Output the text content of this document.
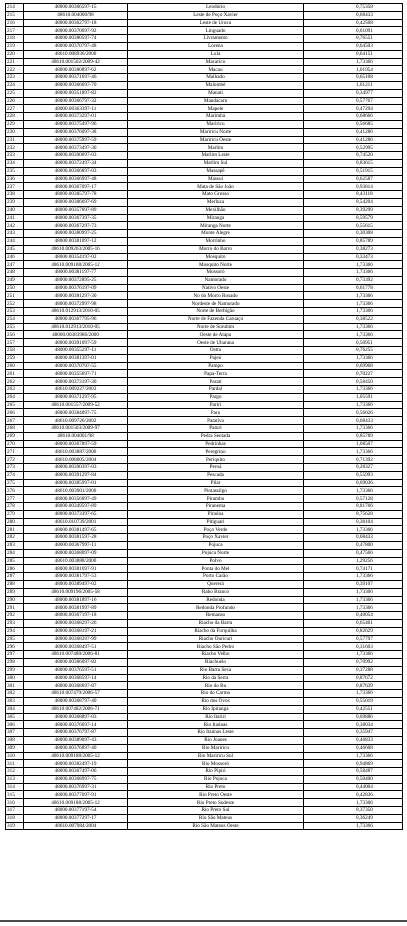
214	48000.00366597-15	Leodório	0,75358
215	48610.004000/98	Leste de Poço Xavier	0,68433
216	48000.00362797-18	Leste de Urucu	0,42508
217	48000.00370697-92	Linguado	0,61091
218	48000.00380597-74	Livramento	0,76551
219	48000.00370797-48	Lorena	0,64503
220	48610.008936/2000	Lula	0,64151
221	48610.001502/2009-42	Macarico	1,73366
222	48000.00380897-62	Macau	1,01954
223	48000.00371697-46	Malhado	0,65108
224	48000.00366697-70	Malombê	1,61211
225	48000.00351897-82	Manati	0,34977
226	48000.00366797-32	Mandacaru	0,57767
227	48000.00363397-11	Mapele	0,47294
228	48000.00373297-01	Marimbá	0,68666
229	48000.00375497-96	Mariricu	0,56685
230	48000.00376097-38	Mariricu Norte	0,41286
231	48000.00375997-59	Mariricu Oeste	0,41286
232	48000.00373497-30	Marlim	0,52995
233	48000.00390097-03	Marlim Leste	0,74520
234	48000.00372497-34	Marlim Sul	0,83615
235	48000.00366897-03	Massapê	0,51915
236	48000.00366997-48	Massuí	0,62587
237	48000.00367097-17	Mata de São João	0,93814
238	48000.00385797-78	Mato Grosso	0,43118
239	48000.00386697-69	Merluza	0,54204
240	48000.00357697-89	Mexilhão	0,39299
241	48000.00367397-35	Miranga	0,59579
242	48000.00367297-73	Miranga Norte	0,55615
243	48000.00380997-25	Monte Alegre	0,30308
244	48000.00381097-12	Morrinho	0,85789
245	48610.009263/2005-16	Morro do Barro	0,38273
246	48000.00354197-02	Mosquito	0,33473
247	48610.009188/2005-12	Mosquito Norte	1,73366
248	48000.00381197-77	Mossoró	1,73366
249	48000.00372895-25	Namorado	0,73392
250	48000.00376197-09	Nativo Oeste	0,61778
251	48000.00381297-30	No do Morro Rosado	1,73366
252	48000.00372997-98	Nordeste de Namorado	1,73366
253	48610.012913/2010-05	Norte de Berbigão	1,73366
254	48000.00367795-96	Norte de Fazenda Caruaçu	0,38522
255	48610.012913/2010-05	Norte de Surubim	1,73366
256	48000.00383986/2000	Oeste de Atapu	1,73366
257	48000.00391097-59	Oeste de Ubarana	0,50951
258	48000.00355297-11	Ostra	0,76255
259	48000.00381397-01	Pajeú	1,73366
260	48000.00370707-55	Pampo	0,69968
261	48000.00355697-71	Papa-Terra	0,70227
262	48000.00373197-30	Paratí	0,58450
263	48610.009227/2003	Pardal	1,73366
264	48000.00371297-95	Pargo	1,05591
265	48610.001557/2009-52	Parirí	1,73366
266	48000.00384097-75	Paru	0,56026
267	48610.009726/2002	Patativa	0,68433
268	48610.001503/2009-97	Paturi	1,73366
269	48610.004001/98	Pedra Sentada	0,85789
270	48000.00367897-59	Pedrinhas	1,08507
271	48610.003887/2000	Peregrino	1,73366
272	48610.008005/2004	Periquito	0,71392
273	48000.00390397-03	Peroá	0,28327
274	48000.00391297-84	Pescada	0,55993
275	48000.00385997-01	Pilar	0,69036
276	48610.003901/2000	Pintassilgo	1,73366
277	48000.00356097-49	Pirambu	0,57128
278	48000.00349597-89	Piranema	0,81766
279	48000.00373397-65	Piraúna	0,75628
280	48610.010739/2001	Pitiguari	0,38104
281	48000.00381497-65	Poço Verde	1,73366
282	48000.00381597-28	Poço Xavier	0,68433
283	48000.00367997-11	Pojuca	0,47800
284	48000.00368097-09	Pojuca Norte	0,47566
285	48610.003888/2000	Polvo	1,29256
286	48000.00381697-91	Ponta do Mel	0,74171
287	48000.00381797-53	Porto Carão	1,73366
288	48000.00389497-02	Quererá	0,39107
289	48610.009196/2005-58	Rabo Branco	1,73366
290	48000.00381897-16	Redonda	1,73366
291	48000.00381997-89	Redonda Profundo	1,73366
292	48000.00367197-18	Remanso	0,40054
293	48000.00368297-26	Riacho da Barra	0,65401
294	48000.00368197-21	Riacho da Forquilha	0,82629
295	48000.00368397-99	Riacho Ouricuri	0,57797
296	48000.00368497-51	Riacho São Pedro	0,31603
297	48610.007480/2006-81	Riacho Velho	1,73366
298	48000.00386097-82	Riachuelo	0,70992
299	48000.00376597-51	Rio Barra Seca	0,37288
300	48000.00368597-14	Rio da Serra	0,87672
301	48000.00368697-87	Rio do Bu	0,87639
302	48610.007479/2006-57	Rio do Carmo	1,73366
303	48000.00368797-40	Rio dos Ovos	0,55019
304	48610.007482/2006-71	Rio Ipiranga	0,42551
305	48000.00368897-03	Rio Itariri	0,69886
306	48000.00376697-14	Rio Itaúnas	0,38034
307	48000.00376797-87	Rio Itaúnas Leste	0,35947
308	48000.00389097-43	Rio Joanes	0,46833
309	48000.00376897-40	Rio Mariricu	0,46608
310	48610.009188/2005-12	Rio Mariricu Sul	1,73366
311	48000.00382497-19	Rio Mossoró	0,94869
312	48000.00367497-06	Rio Pipiri	0,58487
313	48000.00368997-75	Rio Pojuca	0,50400
314	48000.00376997-31	Rio Preto	0,44004
315	48000.00377097-91	Rio Preto Oeste	0,42836
316	48610.009188/2005-12	Rio Preto Sudeste	1,73366
317	48000.00377197-54	Rio Preto Sul	0,37350
318	48000.00377297-17	Rio São Mateus	0,36249
319	48610.007984/2004	Rio São Mateus Oeste	1,73366
